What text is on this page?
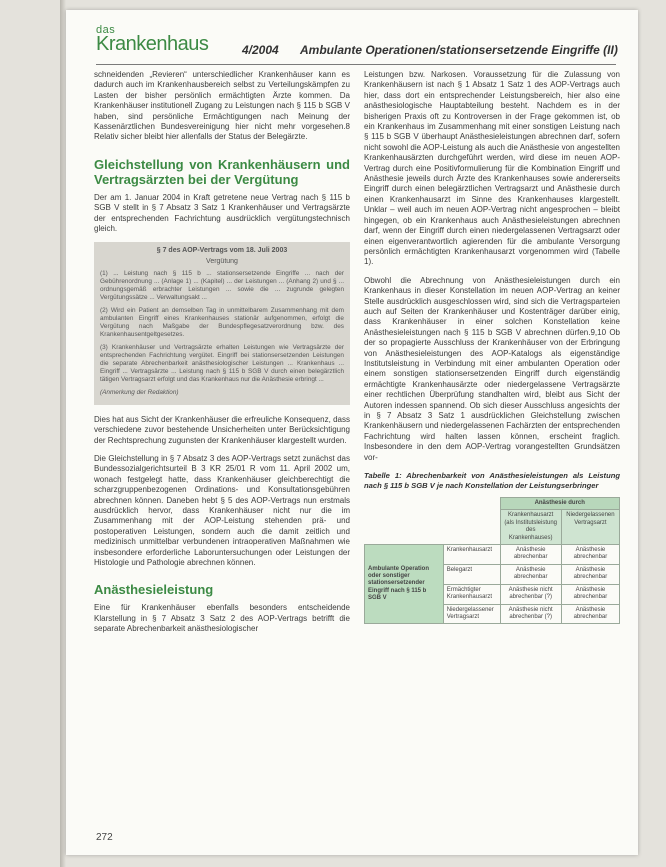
das
Krankenhaus	4/2004 Ambulante Operationen/stationsersetzende Eingriffe (II)

schneidenden „Revieren“ unterschiedlicher Krankenhäuser kann es dadurch auch im Krankenhausbereich selbst zu Verteilungskämpfen zu Lasten der bisher persönlich ermächtigten Ärzte kommen. Da Krankenhäuser institutionell Zugang zu Leistungen nach § 115 b SGB V haben, sind persönliche Ermächtigungen nach Meinung der Kassenärztlichen Bundesvereinigung hier nicht mehr vorgesehen.8 Relativ sicher bleibt hier allenfalls der Status der Belegärzte.

Gleichstellung von Krankenhäusern und Vertragsärzten bei der Vergütung

Der am 1. Januar 2004 in Kraft getretene neue Vertrag nach § 115 b SGB V stellt in § 7 Absatz 3 Satz 1 Krankenhäuser und Vertragsärzte der entsprechenden Fachrichtung ausdrücklich vergütungstechnisch gleich.

§ 7 des AOP-Vertrags vom 18. Juli 2003
Vergütung

(1) ... Leistung nach § 115 b ... stationsersetzende Eingriffe ... nach der Gebührenordnung ... (Anlage 1) ... (Kapitel) ... der Leistungen ... (Anhang 2) und § ... ordnungsgemäß erbrachter Leistungen ... sowie die ... zugrunde gelegten Vergütungssätze ... Verwaltungsakt ...

(2) Wird ein Patient an demselben Tag in unmittelbarem Zusammenhang mit dem ambulanten Eingriff eines Krankenhauses stationär aufgenommen, erfolgt die Vergütung nach Maßgabe der Bundespflegesatzverordnung bzw. des Krankenhausentgeltgesetzes.

(3) Krankenhäuser und Vertragsärzte erhalten Leistungen wie Vertragsärzte der entsprechenden Fachrichtung vergütet. Eingriff bei stationsersetzenden Leistungen die separate Abrechenbarkeit anästhesiologischer Leistungen ... Krankenhaus ... Eingriff ... Vertragsärzte ... Leistung nach § 115 b SGB V durch einen belegärztlich tätigen Vertragsarzt erfolgt und das Krankenhaus nur die Anästhesie erbringt ...

(Anmerkung der Redaktion)

Dies hat aus Sicht der Krankenhäuser die erfreuliche Konsequenz, dass verschiedene zuvor bestehende Unsicherheiten unter Berücksichtigung der Rechtsprechung zugunsten der Krankenhäuser klargestellt wurden.

Die Gleichstellung in § 7 Absatz 3 des AOP-Vertrags setzt zunächst das Bundessozialgerichtsurteil B 3 KR 25/01 R vom 11. April 2002 um, wonach festgelegt hatte, dass Krankenhäuser gleichberechtigt die scharzgruppenbezogenen Ordinations- und Konsultationsgebühren abrechnen können. Daneben hebt § 5 des AOP-Vertrags nun erstmals ausdrücklich hervor, dass Krankenhäuser nicht nur die im Zusammenhang mit der AOP-Leistung stehenden prä- und postoperativen Leistungen, sondern auch die damit zeitlich und medizinisch unmittelbar verbundenen intraoperativen Maßnahmen wie insbesondere erforderliche Laboruntersuchungen oder Leistungen der Histologie und Pathologie abrechnen können.

Anästhesieleistung

Eine für Krankenhäuser ebenfalls besonders entscheidende Klarstellung in § 7 Absatz 3 Satz 2 des AOP-Vertrags betrifft die separate Abrechenbarkeit anästhesiologischer

Leistungen bzw. Narkosen. Voraussetzung für die Zulassung von Krankenhäusern ist nach § 1 Absatz 1 Satz 1 des AOP-Vertrags auch hier, dass dort ein entsprechender Leistungsbereich, hier also eine anästhesiologische Hauptabteilung besteht. Nachdem es in der bisherigen Praxis oft zu Kontroversen in der Frage gekommen ist, ob ein Krankenhaus im Zusammenhang mit einer sonstigen Leistung nach § 115 b SGB V überhaupt Anästhesieleistungen abrechnen darf, sofern nicht sowohl die AOP-Leistung als auch die Anästhesie von angestellten Krankenhausärzten durchgeführt werden, wird diese im neuen AOP-Vertrag durch eine Positivformulierung für die Kombination Eingriff und Anästhesie jeweils durch Ärzte des Krankenhauses sowie andererseits Eingriff durch einen belegärztlichen Vertragsarzt und Anästhesie durch einen Krankenhausarzt im Sinne des Krankenhauses klargestellt. Unklar – weil auch im neuen AOP-Vertrag nicht angesprochen – bleibt hingegen, ob ein Krankenhaus auch Anästhesieleistungen abrechnen darf, wenn der Eingriff durch einen niedergelassenen Vertragsarzt oder einen eigenverantwortlich agierenden für die ambulante Versorgung persönlich ermächtigten Krankenhausarzt vorgenommen wird (Tabelle 1).

Obwohl die Abrechnung von Anästhesieleistungen durch ein Krankenhaus in dieser Konstellation im neuen AOP-Vertrag an keiner Stelle ausdrücklich ausgeschlossen wird, sind sich die Vertragsparteien auch auf Seiten der Krankenhäuser und Kostenträger darüber einig, dass Krankenhäuser in einer solchen Konstellation keine Anästhesieleistungen nach § 115 b SGB V abrechnen dürfen.9,10 Ob der so propagierte Ausschluss der Krankenhäuser von der Erbringung von Anästhesieleistungen des AOP-Katalogs als eigenständige Institutsleistung in Verbindung mit einer ambulanten Operation oder einem sonstigen stationsersetzenden Eingriff durch eigenständig ermächtigte Krankenhausärzte oder niedergelassene Vertragsärzte einer rechtlichen Überprüfung standhalten wird, bleibt aus Sicht der Autoren indessen spannend. Ob sich dieser Ausschluss angesichts der in § 7 Absatz 3 Satz 1 ausdrücklichen Gleichstellung zwischen Krankenhäusern und niedergelassenen Fachärzten der entsprechenden Fachrichtung wird halten lassen können, erscheint fraglich. Insbesondere in den dem AOP-Vertrag vorangestellten Grundsätzen vor-

Tabelle 1: Abrechenbarkeit von Anästhesieleistungen als Leistung nach § 115 b SGB V je nach Konstellation der Leistungserbringer
		Anästhesie durch	
		Krankenhausarzt (als Institutsleistung des Krankenhauses)	Niedergelassenen Vertragsarzt
Ambulante Operation oder sonstiger stationsersetzender Eingriff nach § 115 b SGB V	Krankenhausarzt	Anästhesie abrechenbar	Anästhesie abrechenbar
	Belegarzt	Anästhesie abrechenbar	Anästhesie abrechenbar
	Ermächtigter Krankenhausarzt	Anästhesie nicht abrechenbar (?)	Anästhesie abrechenbar
	Niedergelassener Vertragsarzt	Anästhesie nicht abrechenbar (?)	Anästhesie abrechenbar
272
